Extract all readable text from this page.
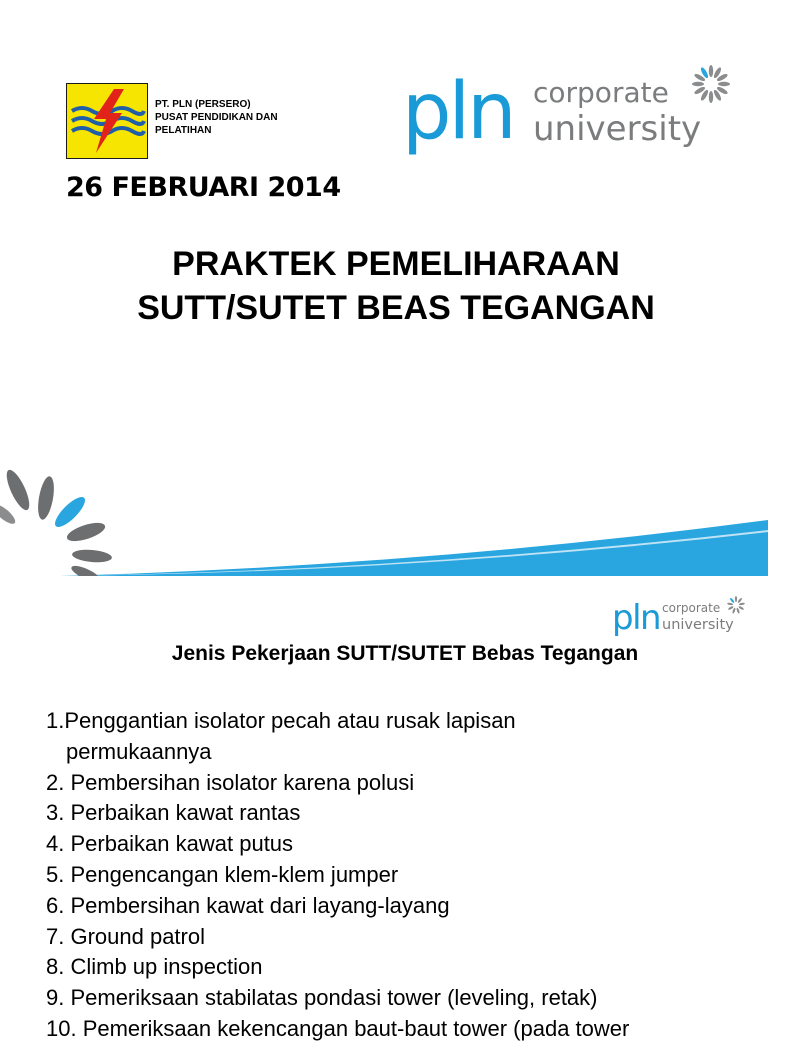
PT. PLN (PERSERO)
PUSAT PENDIDIKAN DAN
PELATIHAN	pln corporate
university
26 FEBRUARI 2014
PRAKTEK PEMELIHARAAN
SUTT/SUTET BEAS TEGANGAN
pln corporate
university
Jenis Pekerjaan SUTT/SUTET Bebas Tegangan
1.Penggantian isolator pecah atau rusak lapisan
permukaannya
2. Pembersihan isolator karena polusi
3. Perbaikan kawat rantas
4. Perbaikan kawat putus
5. Pengencangan klem-klem jumper
6. Pembersihan kawat dari layang-layang
7. Ground patrol
8. Climb up inspection
9. Pemeriksaan stabilatas pondasi tower (leveling, retak)
10. Pemeriksaan kekencangan baut-baut tower (pada tower
